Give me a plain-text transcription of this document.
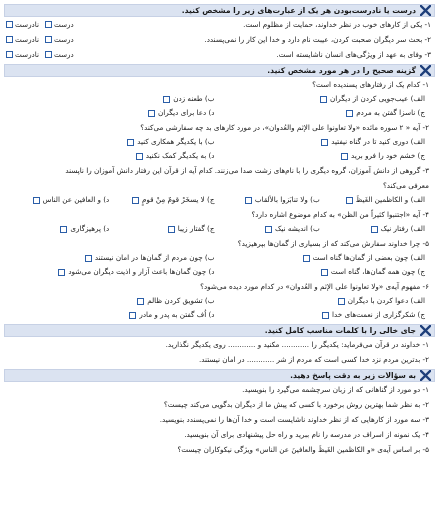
درست یا نادرست‌بودن هر یک از عبارت‌های زیر را مشخص کنید.
۱- یکی از کارهای خوب در نظر خداوند، حمایت از مظلوم است.
درست
نادرست
۲- بحث سر دیگران صحبت کردن، عیبت نام دارد و خدا این کار را نمی‌پسندد.
درست
نادرست
۳- وفای به عهد از ویژگی‌های انسان ناشایسته است.
درست
نادرست
گزینه صحیح را در هر مورد مشخص کنید.
۱- کدام یک از رفتارهای پسندیده است؟
الف) عیب‌جویی کردن از دیگران
ب) طعنه زدن
ج) ناسزا گفتن به مردم
د) دعا برای دیگران
۲- آیه « ۲ سوره مائده «ولا تعاونوا علی الإثم والعُدوان»، در مورد کارهای بد چه سفارشی می‌کند؟
الف) دوری کنید تا در گناه نیفتید
ب) با یکدیگر همکاری کنید
ج) خشم خود را فرو برید
د) به یکدیگر کمک نکنید
۳- گروهی از دانش آموزان، گروه دیگری را با نام‌های زشت صدا می‌زنند. کدام آیه از قرآن این رفتار دانش آموزان را ناپسند
معرفی می‌کند؟
الف) و الکاظمین الغَیظَ
ب) ولا تنابَزوا بالألقاب
ج) لا یسخَرْ قومٌ مِنْ قومٍ
د) و العافین عن الناس
۴- آیه «اجتنبوا کثیراً من الظن» به کدام موضوع اشاره دارد؟
الف) رفتار نیک
ب) اندیشه نیک
ج) گفتار زیبا
د) پرهیزگاری
۵- چرا خداوند سفارش می‌کند که از بسیاری از گمان‌ها بپرهیزید؟
الف) چون بعضی از گمان‌ها گناه است
ب) چون مردم از گمان‌ها در امان نیستند
ج) چون همه گمان‌ها، گناه است
د) چون گمان‌ها باعث آزار و اذیت دیگران می‌شود
۶- مفهوم آیه‌ی «ولا تعاونوا علی الإثم و العُدوان» در کدام مورد دیده می‌شود؟
الف) دعوا کردن با دیگران
ب) تشویق کردن ظالم
ج) شکرگزاری از نعمت‌های خدا
د) اُف گفتن به پدر و مادر
جای خالی را با کلمات مناسب کامل کنید.
۱- خداوند در قرآن می‌فرماید: یکدیگر را ............ مکنید و ............ روی یکدیگر نگذارید.
۲- بدترین مردم نزد خدا کسی است که مردم از شر ............ در امان نیستند.
به سؤالات زیر به دقت پاسخ دهید.
۱- دو مورد از گناهانی که از زبان سرچشمه می‌گیرد را بنویسید.
۲- به نظر شما بهترین روش برخورد با کسی که پیش ما از دیگران بدگویی می‌کند چیست؟
۳- سه مورد از کارهایی که از نظر خداوند ناشایست است و خدا آن‌ها را نمی‌پسندد بنویسید.
۴- یک نمونه از اسراف در مدرسه را نام ببرید و راه حل پیشنهادی برای آن بنویسید.
۵- بر اساس آیه‌ی «و الکاظمین الغَیظَ والعافینَ عن الناس» ویژگی نیکوکاران چیست؟
